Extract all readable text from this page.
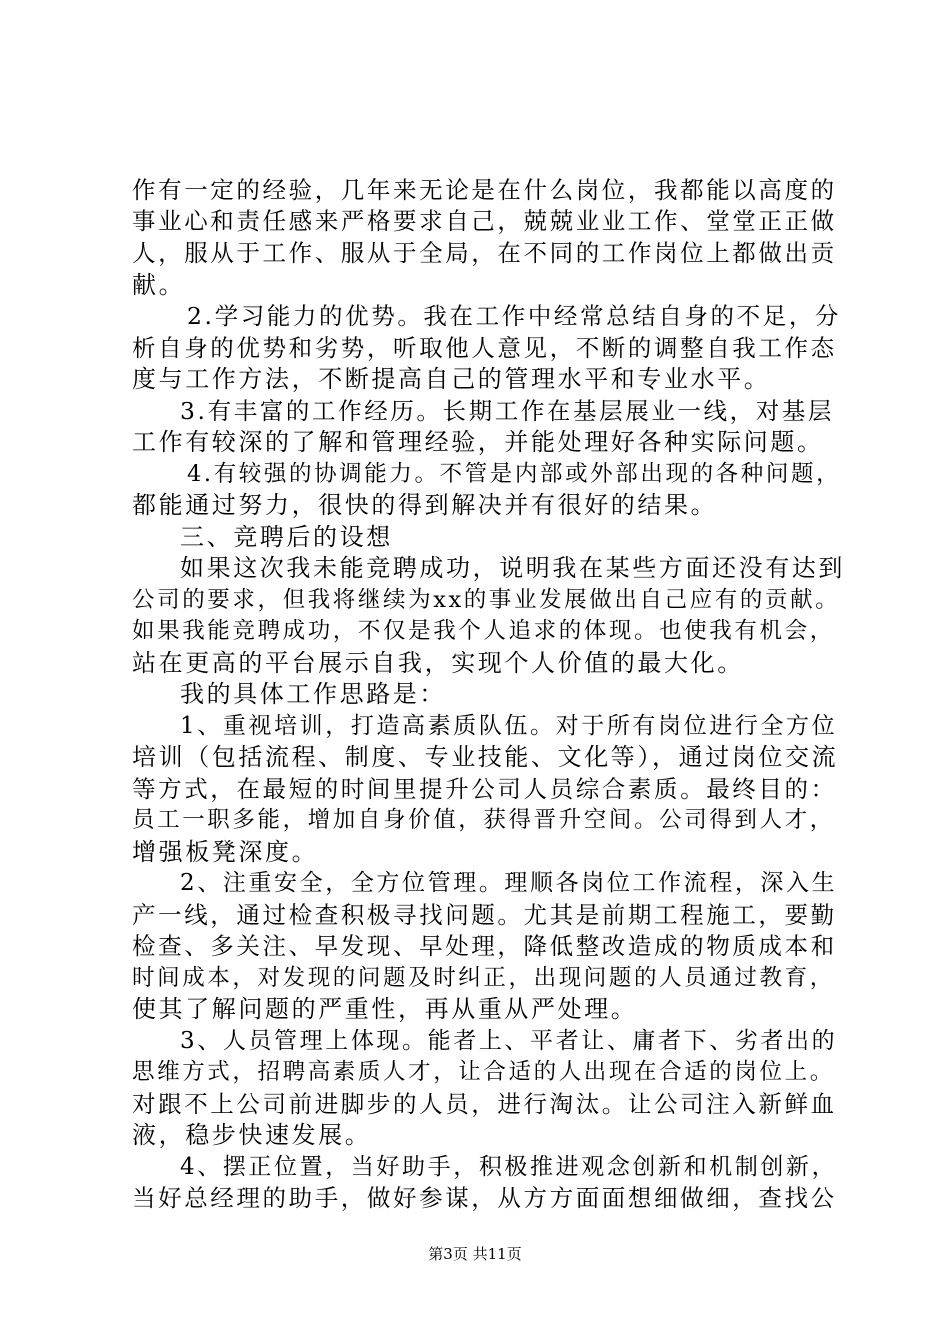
作有一定的经验，几年来无论是在什么岗位，我都能以高度的
事业心和责任感来严格要求自己，兢兢业业工作、堂堂正正做
人，服从于工作、服从于全局，在不同的工作岗位上都做出贡
献。
2.学习能力的优势。我在工作中经常总结自身的不足，分
析自身的优势和劣势，听取他人意见，不断的调整自我工作态
度与工作方法，不断提高自己的管理水平和专业水平。
3.有丰富的工作经历。长期工作在基层展业一线，对基层
工作有较深的了解和管理经验，并能处理好各种实际问题。
4.有较强的协调能力。不管是内部或外部出现的各种问题，
都能通过努力，很快的得到解决并有很好的结果。
三、竞聘后的设想
如果这次我未能竞聘成功，说明我在某些方面还没有达到
公司的要求，但我将继续为xx的事业发展做出自己应有的贡献。
如果我能竞聘成功，不仅是我个人追求的体现。也使我有机会，
站在更高的平台展示自我，实现个人价值的最大化。
我的具体工作思路是：
1、重视培训，打造高素质队伍。对于所有岗位进行全方位
培训（包括流程、制度、专业技能、文化等），通过岗位交流
等方式，在最短的时间里提升公司人员综合素质。最终目的：
员工一职多能，增加自身价值，获得晋升空间。公司得到人才，
增强板凳深度。
2、注重安全，全方位管理。理顺各岗位工作流程，深入生
产一线，通过检查积极寻找问题。尤其是前期工程施工，要勤
检查、多关注、早发现、早处理，降低整改造成的物质成本和
时间成本，对发现的问题及时纠正，出现问题的人员通过教育，
使其了解问题的严重性，再从重从严处理。
3、人员管理上体现。能者上、平者让、庸者下、劣者出的
思维方式，招聘高素质人才，让合适的人出现在合适的岗位上。
对跟不上公司前进脚步的人员，进行淘汰。让公司注入新鲜血
液，稳步快速发展。
4、摆正位置，当好助手，积极推进观念创新和机制创新，
当好总经理的助手，做好参谋，从方方面面想细做细，查找公
第3页 共11页
